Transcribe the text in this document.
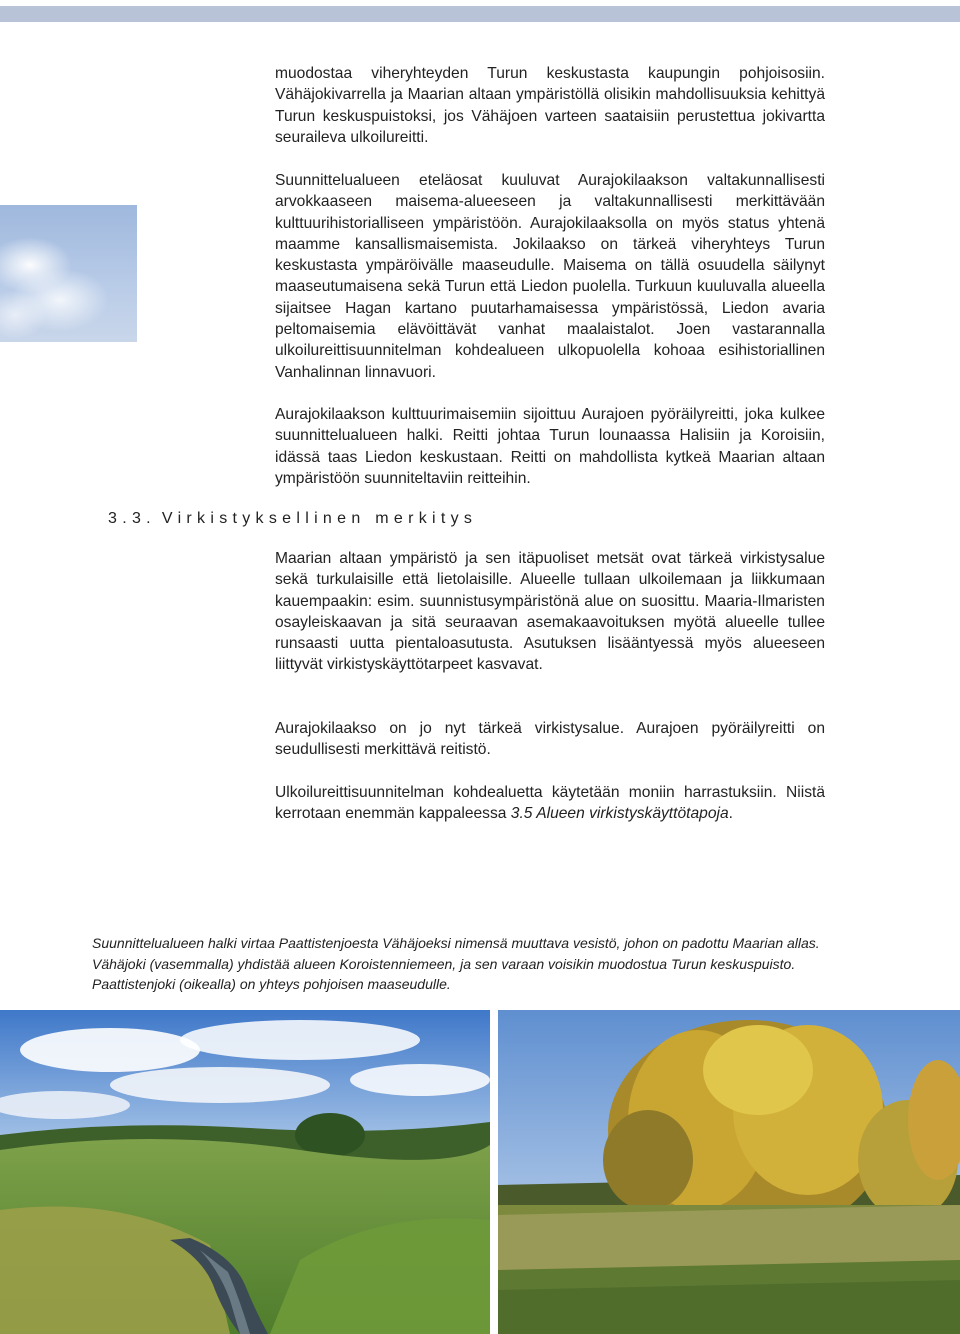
muodostaa viheryhteyden Turun keskustasta kaupungin pohjoisosiin. Vähäjokivarrella ja Maarian altaan ympäristöllä olisikin mahdollisuuksia kehittyä Turun keskuspuistoksi, jos Vähäjoen varteen saataisiin perustettua jokivartta seuraileva ulkoilureitti.

Suunnittelualueen eteläosat kuuluvat Aurajokilaakson valtakunnallisesti arvokkaaseen maisema-alueeseen ja valtakunnallisesti merkittävään kulttuurihistorialliseen ympäristöön. Aurajokilaaksolla on myös status yhtenä maamme kansallismaisemista. Jokilaakso on tärkeä viheryhteys Turun keskustasta ympäröivälle maaseudulle. Maisema on tällä osuudella säilynyt maaseutumaisena sekä Turun että Liedon puolella. Turkuun kuuluvalla alueella sijaitsee Hagan kartano puutarhamaisessa ympäristössä, Liedon avaria peltomaisemia elävöittävät vanhat maalaistalot. Joen vastarannalla ulkoilureittisuunnitelman kohdealueen ulkopuolella kohoaa esihistoriallinen Vanhalinnan linnavuori.

Aurajokilaakson kulttuurimaisemiin sijoittuu Aurajoen pyöräilyreitti, joka kulkee suunnittelualueen halki. Reitti johtaa Turun lounaassa Halisiin ja Koroisiin, idässä taas Liedon keskustaan. Reitti on mahdollista kytkeä Maarian altaan ympäristöön suunniteltaviin reitteihin.

3.3. Virkistyksellinen merkitys

Maarian altaan ympäristö ja sen itäpuoliset metsät ovat tärkeä virkistysalue sekä turkulaisille että lietolaisille. Alueelle tullaan ulkoilemaan ja liikkumaan kauempaakin: esim. suunnistusympäristönä alue on suosittu. Maaria-Ilmaristen osayleiskaavan ja sitä seuraavan asemakaavoituksen myötä alueelle tullee runsaasti uutta pientaloasutusta. Asutuksen lisääntyessä myös alueeseen liittyvät virkistyskäyttötarpeet kasvavat.

Aurajokilaakso on jo nyt tärkeä virkistysalue. Aurajoen pyöräilyreitti on seudullisesti merkittävä reitistö.

Ulkoilureittisuunnitelman kohdealuetta käytetään moniin harrastuksiin. Niistä kerrotaan enemmän kappaleessa 3.5 Alueen virkistyskäyttötapoja.

Suunnittelualueen halki virtaa Paattistenjoesta Vähäjoeksi nimensä muuttava vesistö, johon on padottu Maarian allas. Vähäjoki (vasemmalla) yhdistää alueen Koroistenniemeen, ja sen varaan voisikin muodostua Turun keskuspuisto. Paattistenjoki (oikealla) on yhteys pohjoisen maaseudulle.
